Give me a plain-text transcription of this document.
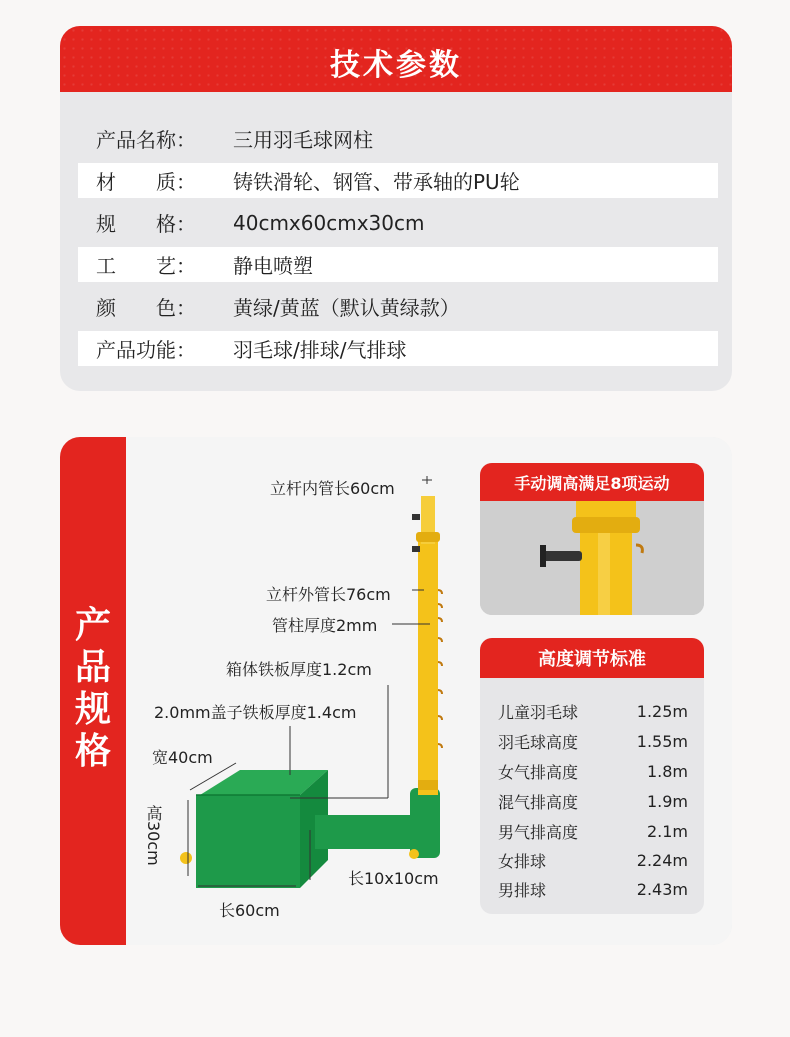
技术参数
产品名称：	三用羽毛球网柱
材　　质：	铸铁滑轮、钢管、带承轴的PU轮
规　　格：	40cmx60cmx30cm
工　　艺：	静电喷塑
颜　　色：	黄绿/黄蓝（默认黄绿款）
产品功能：	羽毛球/排球/气排球
产
品
规
格
立杆内管长60cm
立杆外管长76cm
管柱厚度2mm
箱体铁板厚度1.2cm
2.0mm盖子铁板厚度1.4cm
宽40cm
高30cm
长60cm
长10x10cm
手动调高满足8项运动
高度调节标准
儿童羽毛球	1.25m
羽毛球高度	1.55m
女气排高度	1.8m
混气排高度	1.9m
男气排高度	2.1m
女排球	2.24m
男排球	2.43m
